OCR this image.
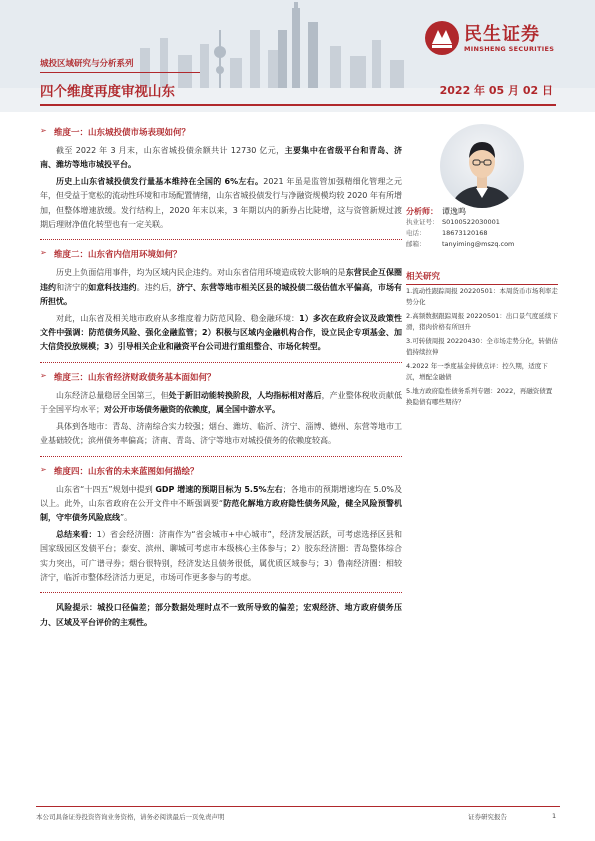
城投区域研究与分析系列
四个维度再度审视山东	2022 年 05 月 02 日
民生证券
MINSHENG SECURITIES
➢ 维度一：山东城投债市场表现如何？

截至 2022 年 3 月末，山东省城投债余额共计 12730 亿元，主要集中在省级平台和青岛、济南、潍坊等地市城投平台。

历史上山东省城投债发行量基本维持在全国的 6%左右。2021 年虽是监管加强精细化管理之元年，但受益于宽松的流动性环境和市场配置情绪，山东省城投债发行与净融资规模均较 2020 年有所增加，但整体增速放缓。发行结构上，2020 年末以来，3 年期以内的新券占比陡增，这与资管新规过渡期后理财净值化转型也有一定关联。

➢ 维度二：山东省内信用环境如何？

历史上负面信用事件，均为区域内民企违约。对山东省信用环境造成较大影响的是东营民企互保圈违约和济宁的如意科技违约。违约后，济宁、东营等地市相关区县的城投债二级估值水平偏高，市场有所担忧。

对此，山东省及相关地市政府从多维度着力防范风险、稳金融环境：1）多次在政府会议及政策性文件中强调：防范债务风险、强化金融监管；2）积极与区域内金融机构合作，设立民企专项基金、加大信贷投放规模；3）引导相关企业和融资平台公司进行重组整合、市场化转型。

➢ 维度三：山东省经济财政债务基本面如何？

山东经济总量稳居全国第三，但处于新旧动能转换阶段，人均指标相对落后，产业整体税收贡献低于全国平均水平；对公开市场债务融资的依赖度，属全国中游水平。

具体到各地市：青岛、济南综合实力较强；烟台、潍坊、临沂、济宁、淄博、德州、东营等地市工业基础较优；滨州债务率偏高；济南、青岛、济宁等地市对城投债务的依赖度较高。

➢ 维度四：山东省的未来蓝图如何描绘？

山东省“十四五”规划中提到 GDP 增速的预期目标为 5.5%左右；各地市的预期增速均在 5.0%及以上。此外，山东省政府在公开文件中不断强调要“防范化解地方政府隐性债务风险，健全风险预警机制，守牢债务风险底线”。

总结来看：1）省会经济圈：济南作为“省会城市+中心城市”，经济发展活跃，可考虑选择区县和国家级园区发债平台；泰安、滨州、聊城可考虑市本级核心主体参与；2）胶东经济圈：青岛整体综合实力突出，可广谱寻券；烟台很特别，经济发达且债务很低，属优质区域参与；3）鲁南经济圈：相较济宁，临沂市整体经济活力更足，市场可作更多参与的考虑。

风险提示：城投口径偏差；部分数据处理时点不一致所导致的偏差；宏观经济、地方政府债务压力、区域及平台评价的主观性。

分析师： 谭逸鸣
执业证号： S0100522030001
电话：	18673120168
邮箱：	tanyiming@mszq.com
相关研究
1.流动性跟踪周报 20220501：本周货币市场利率走势分化
2.高频数据跟踪周报 20220501：出口景气度延续下滑，猪肉价格有所回升
3.可转债周报 20220430：全市场走势分化，转债估值持续拉伸
4.2022 年一季度基金持债点评：控久期，适度下沉，增配金融债
5.地方政府隐性债务系列专题：2022，再融资债置换隐债有哪些期待？
本公司具备证券投资咨询业务资格，请务必阅读最后一页免责声明	证券研究报告	1
